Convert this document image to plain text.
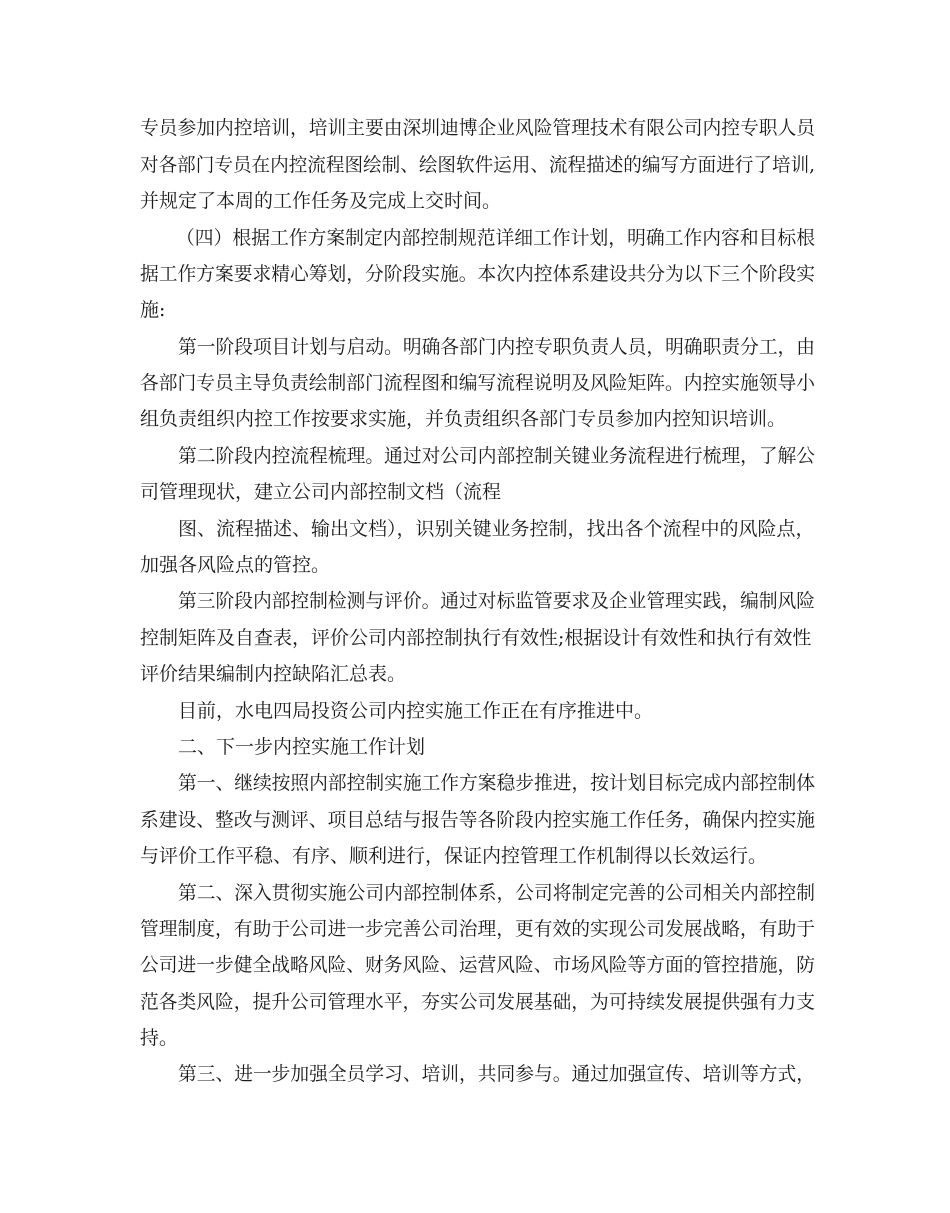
专员参加内控培训，培训主要由深圳迪博企业风险管理技术有限公司内控专职人员

对各部门专员在内控流程图绘制、绘图软件运用、流程描述的编写方面进行了培训,

并规定了本周的工作任务及完成上交时间。

（四）根据工作方案制定内部控制规范详细工作计划，明确工作内容和目标根

据工作方案要求精心筹划，分阶段实施。本次内控体系建设共分为以下三个阶段实

施:

第一阶段项目计划与启动。明确各部门内控专职负责人员，明确职责分工，由

各部门专员主导负责绘制部门流程图和编写流程说明及风险矩阵。内控实施领导小

组负责组织内控工作按要求实施，并负责组织各部门专员参加内控知识培训。

第二阶段内控流程梳理。通过对公司内部控制关键业务流程进行梳理，了解公

司管理现状，建立公司内部控制文档（流程

图、流程描述、输出文档），识别关键业务控制，找出各个流程中的风险点，

加强各风险点的管控。

第三阶段内部控制检测与评价。通过对标监管要求及企业管理实践，编制风险

控制矩阵及自查表，评价公司内部控制执行有效性;根据设计有效性和执行有效性

评价结果编制内控缺陷汇总表。

目前，水电四局投资公司内控实施工作正在有序推进中。

二、下一步内控实施工作计划

第一、继续按照内部控制实施工作方案稳步推进，按计划目标完成内部控制体

系建设、整改与测评、项目总结与报告等各阶段内控实施工作任务，确保内控实施

与评价工作平稳、有序、顺利进行，保证内控管理工作机制得以长效运行。

第二、深入贯彻实施公司内部控制体系，公司将制定完善的公司相关内部控制

管理制度，有助于公司进一步完善公司治理，更有效的实现公司发展战略，有助于

公司进一步健全战略风险、财务风险、运营风险、市场风险等方面的管控措施，防

范各类风险，提升公司管理水平，夯实公司发展基础，为可持续发展提供强有力支

持。

第三、进一步加强全员学习、培训，共同参与。通过加强宣传、培训等方式，
